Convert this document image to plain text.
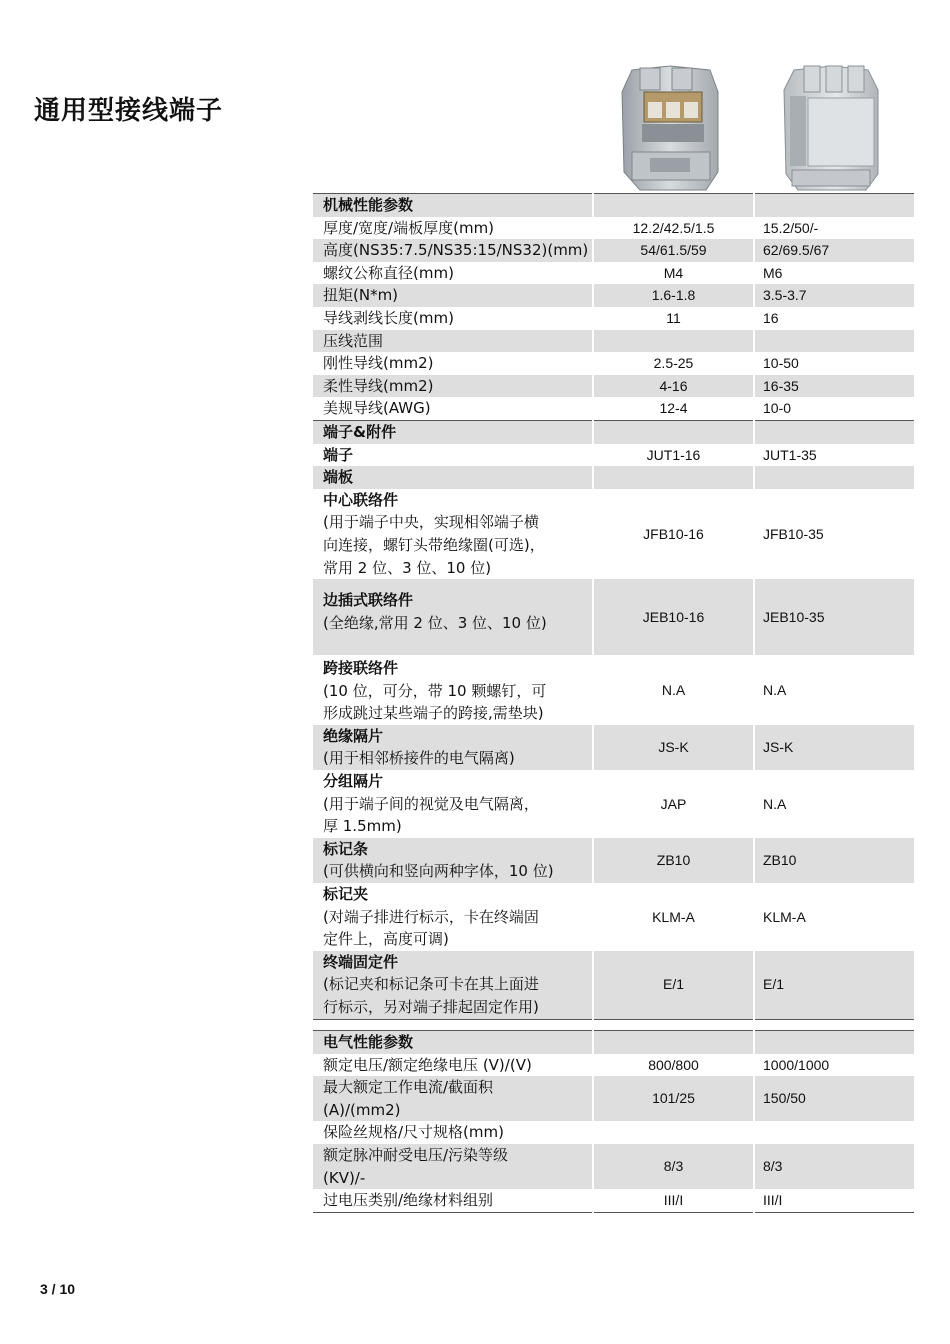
通用型接线端子
机械性能参数		

厚度/宽度/端板厚度(mm)	12.2/42.5/1.5	15.2/50/-
高度(NS35:7.5/NS35:15/NS32)(mm)	54/61.5/59	62/69.5/67
螺纹公称直径(mm)	M4	M6
扭矩(N*m)	1.6-1.8	3.5-3.7
导线剥线长度(mm)	11	16
压线范围		
刚性导线(mm2)	2.5-25	10-50
柔性导线(mm2)	4-16	16-35
美规导线(AWG)	12-4	10-0

端子&附件		

端子	JUT1-16	JUT1-35

端板		

中心联络件
(用于端子中央，实现相邻端子横
向连接，螺钉头带绝缘圈(可选)，
常用 2 位、3 位、10 位)	JFB10-16	JFB10-35

边插式联络件
(全绝缘,常用 2 位、3 位、10 位)	JEB10-16	JEB10-35

跨接联络件
(10 位，可分，带 10 颗螺钉，可
形成跳过某些端子的跨接,需垫块)	N.A	N.A

绝缘隔片
(用于相邻桥接件的电气隔离)	JS-K	JS-K

分组隔片
(用于端子间的视觉及电气隔离，
厚 1.5mm)	JAP	N.A

标记条
(可供横向和竖向两种字体，10 位)	ZB10	ZB10

标记夹
(对端子排进行标示，卡在终端固
定件上，高度可调)	KLM-A	KLM-A

终端固定件
(标记夹和标记条可卡在其上面进
行标示，另对端子排起固定作用)	E/1	E/1
电气性能参数		

额定电压/额定绝缘电压 (V)/(V)	800/800	1000/1000

最大额定工作电流/截面积
(A)/(mm2)	101/25	150/50
保险丝规格/尺寸规格(mm)		

额定脉冲耐受电压/污染等级
(KV)/-	8/3	8/3
过电压类别/绝缘材料组别	III/I	III/I
3 / 10
